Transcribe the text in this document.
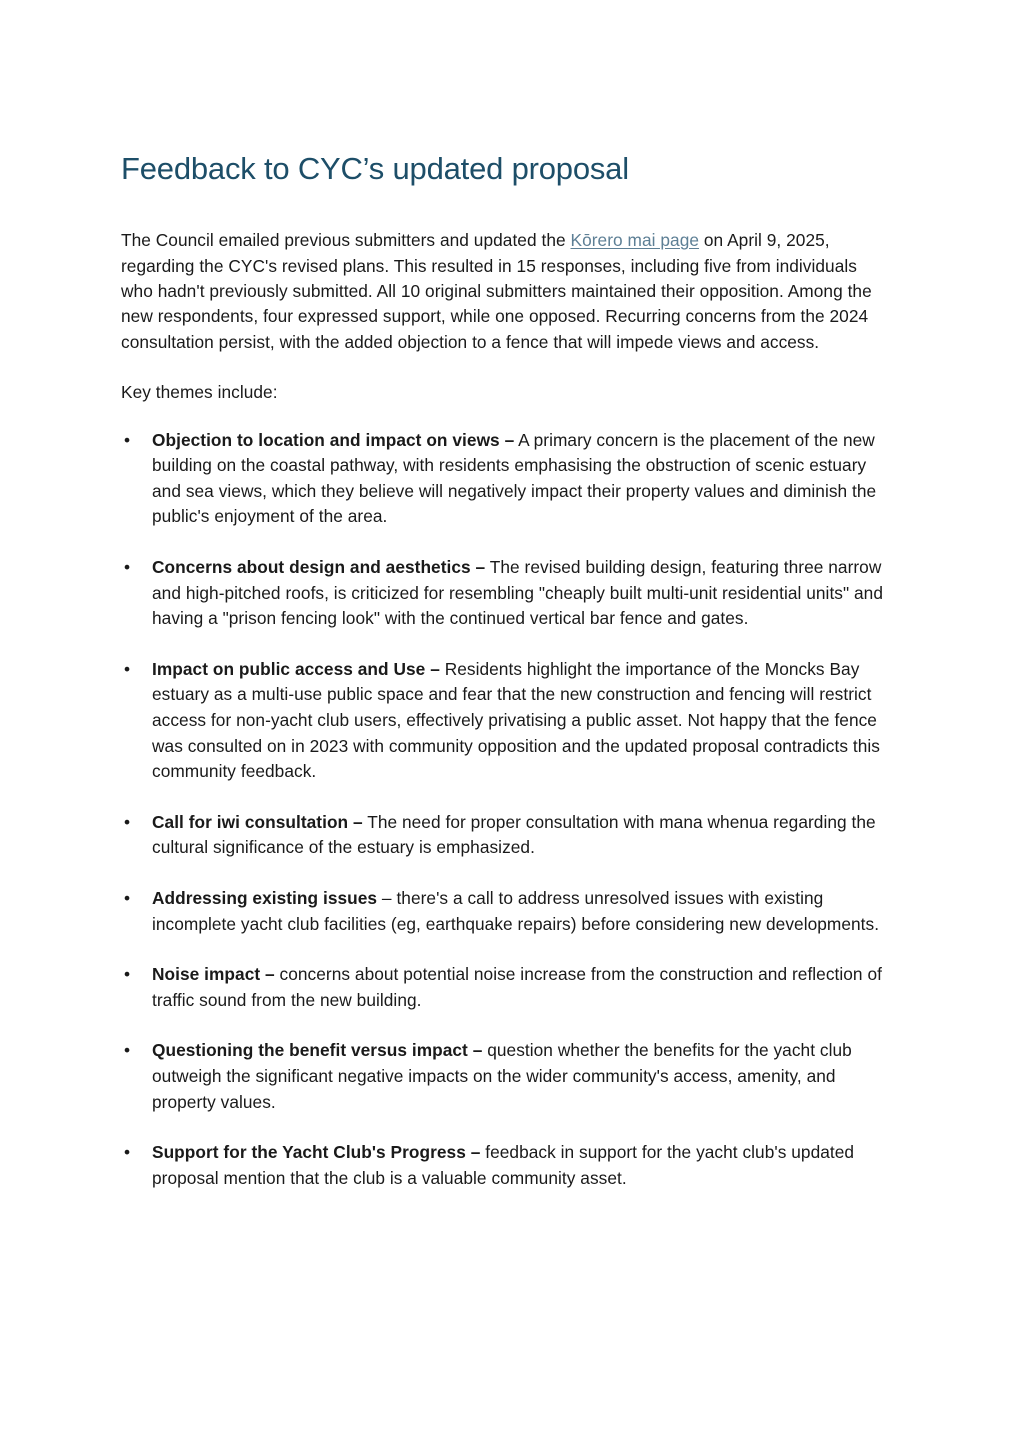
Feedback to CYC’s updated proposal

The Council emailed previous submitters and updated the Kōrero mai page on April 9, 2025, regarding the CYC's revised plans. This resulted in 15 responses, including five from individuals who hadn't previously submitted. All 10 original submitters maintained their opposition. Among the new respondents, four expressed support, while one opposed. Recurring concerns from the 2024 consultation persist, with the added objection to a fence that will impede views and access.

Key themes include:

•	Objection to location and impact on views – A primary concern is the placement of the new building on the coastal pathway, with residents emphasising the obstruction of scenic estuary and sea views, which they believe will negatively impact their property values and diminish the public's enjoyment of the area.
•	Concerns about design and aesthetics – The revised building design, featuring three narrow and high-pitched roofs, is criticized for resembling "cheaply built multi-unit residential units" and having a "prison fencing look" with the continued vertical bar fence and gates.
•	Impact on public access and Use – Residents highlight the importance of the Moncks Bay estuary as a multi-use public space and fear that the new construction and fencing will restrict access for non-yacht club users, effectively privatising a public asset. Not happy that the fence was consulted on in 2023 with community opposition and the updated proposal contradicts this community feedback.
•	Call for iwi consultation – The need for proper consultation with mana whenua regarding the cultural significance of the estuary is emphasized.
•	Addressing existing issues – there's a call to address unresolved issues with existing incomplete yacht club facilities (eg, earthquake repairs) before considering new developments.
•	Noise impact – concerns about potential noise increase from the construction and reflection of traffic sound from the new building.
•	Questioning the benefit versus impact – question whether the benefits for the yacht club outweigh the significant negative impacts on the wider community's access, amenity, and property values.
•	Support for the Yacht Club's Progress – feedback in support for the yacht club's updated proposal mention that the club is a valuable community asset.
